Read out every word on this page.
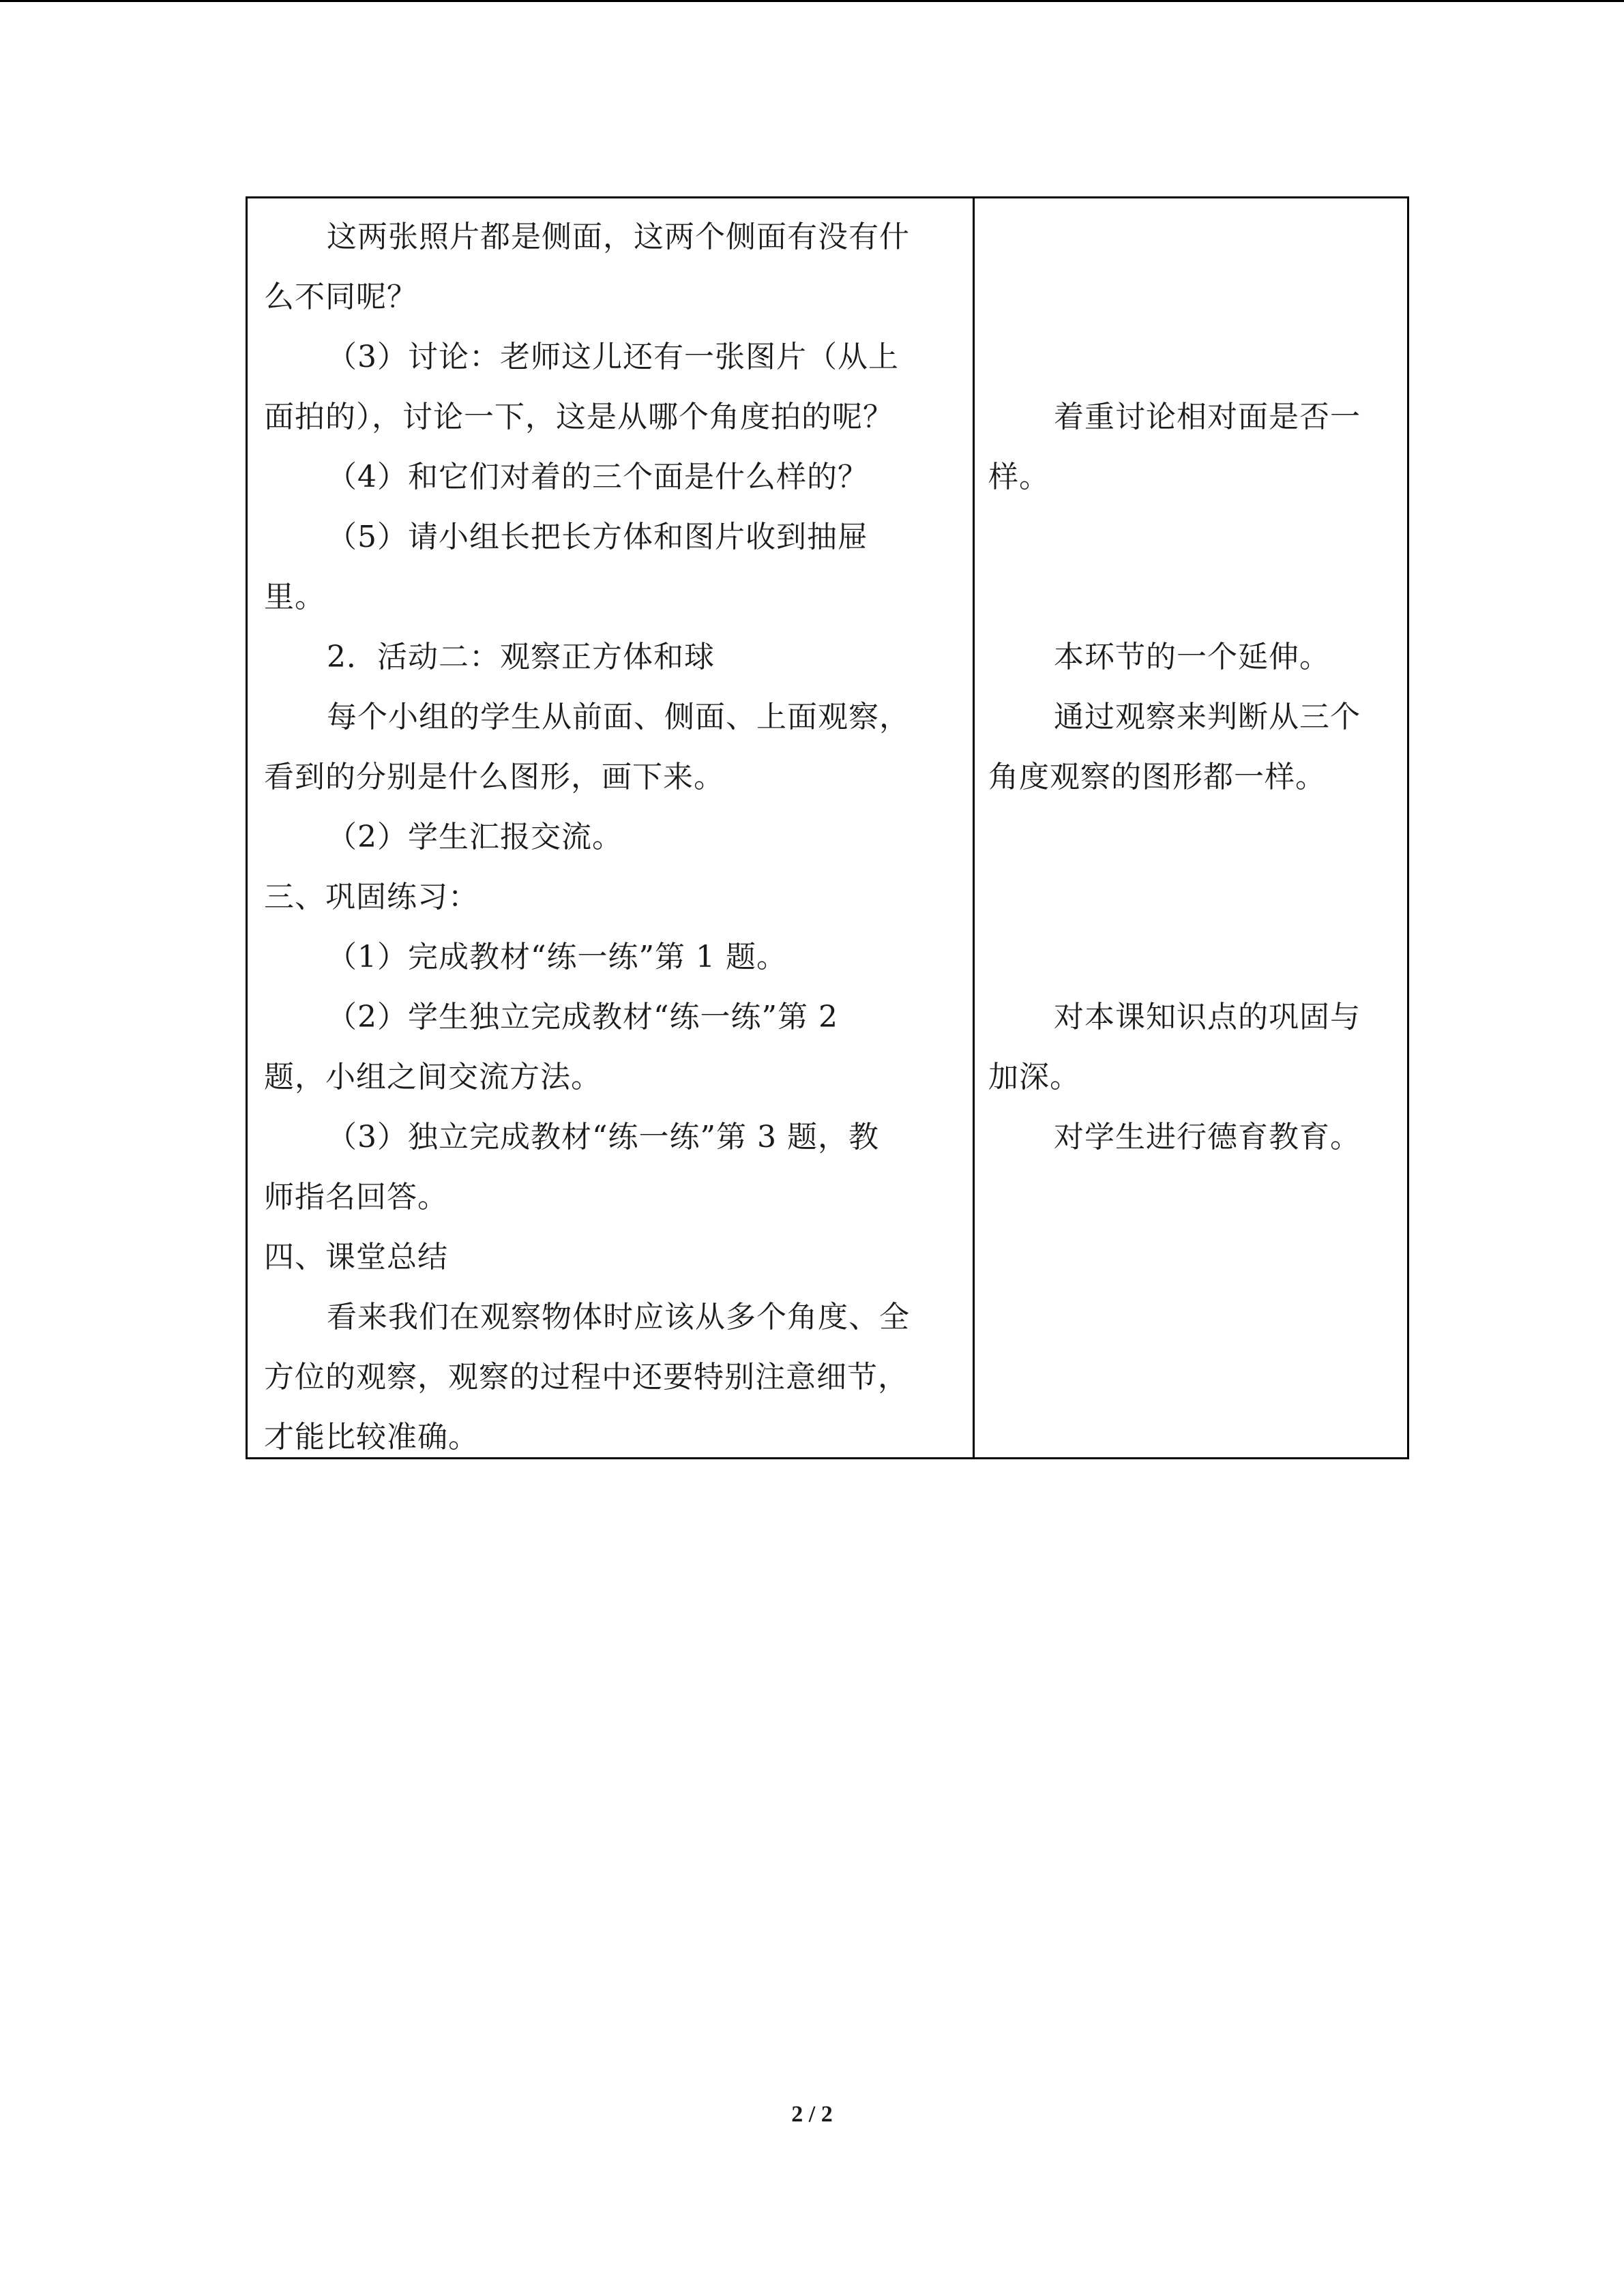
这两张照片都是侧面，这两个侧面有没有什
么不同呢？
（3）讨论：老师这儿还有一张图片（从上
面拍的），讨论一下，这是从哪个角度拍的呢？
（4）和它们对着的三个面是什么样的？
（5）请小组长把长方体和图片收到抽屉
里。
2．活动二：观察正方体和球
每个小组的学生从前面、侧面、上面观察，
看到的分别是什么图形，画下来。
（2）学生汇报交流。
三、巩固练习：
（1）完成教材“练一练”第 1 题。
（2）学生独立完成教材“练一练”第 2
题，小组之间交流方法。
（3）独立完成教材“练一练”第 3 题，教
师指名回答。
四、课堂总结
看来我们在观察物体时应该从多个角度、全
方位的观察，观察的过程中还要特别注意细节，
才能比较准确。
着重讨论相对面是否一
样。
本环节的一个延伸。
通过观察来判断从三个
角度观察的图形都一样。
对本课知识点的巩固与
加深。
对学生进行德育教育。
2 / 2
